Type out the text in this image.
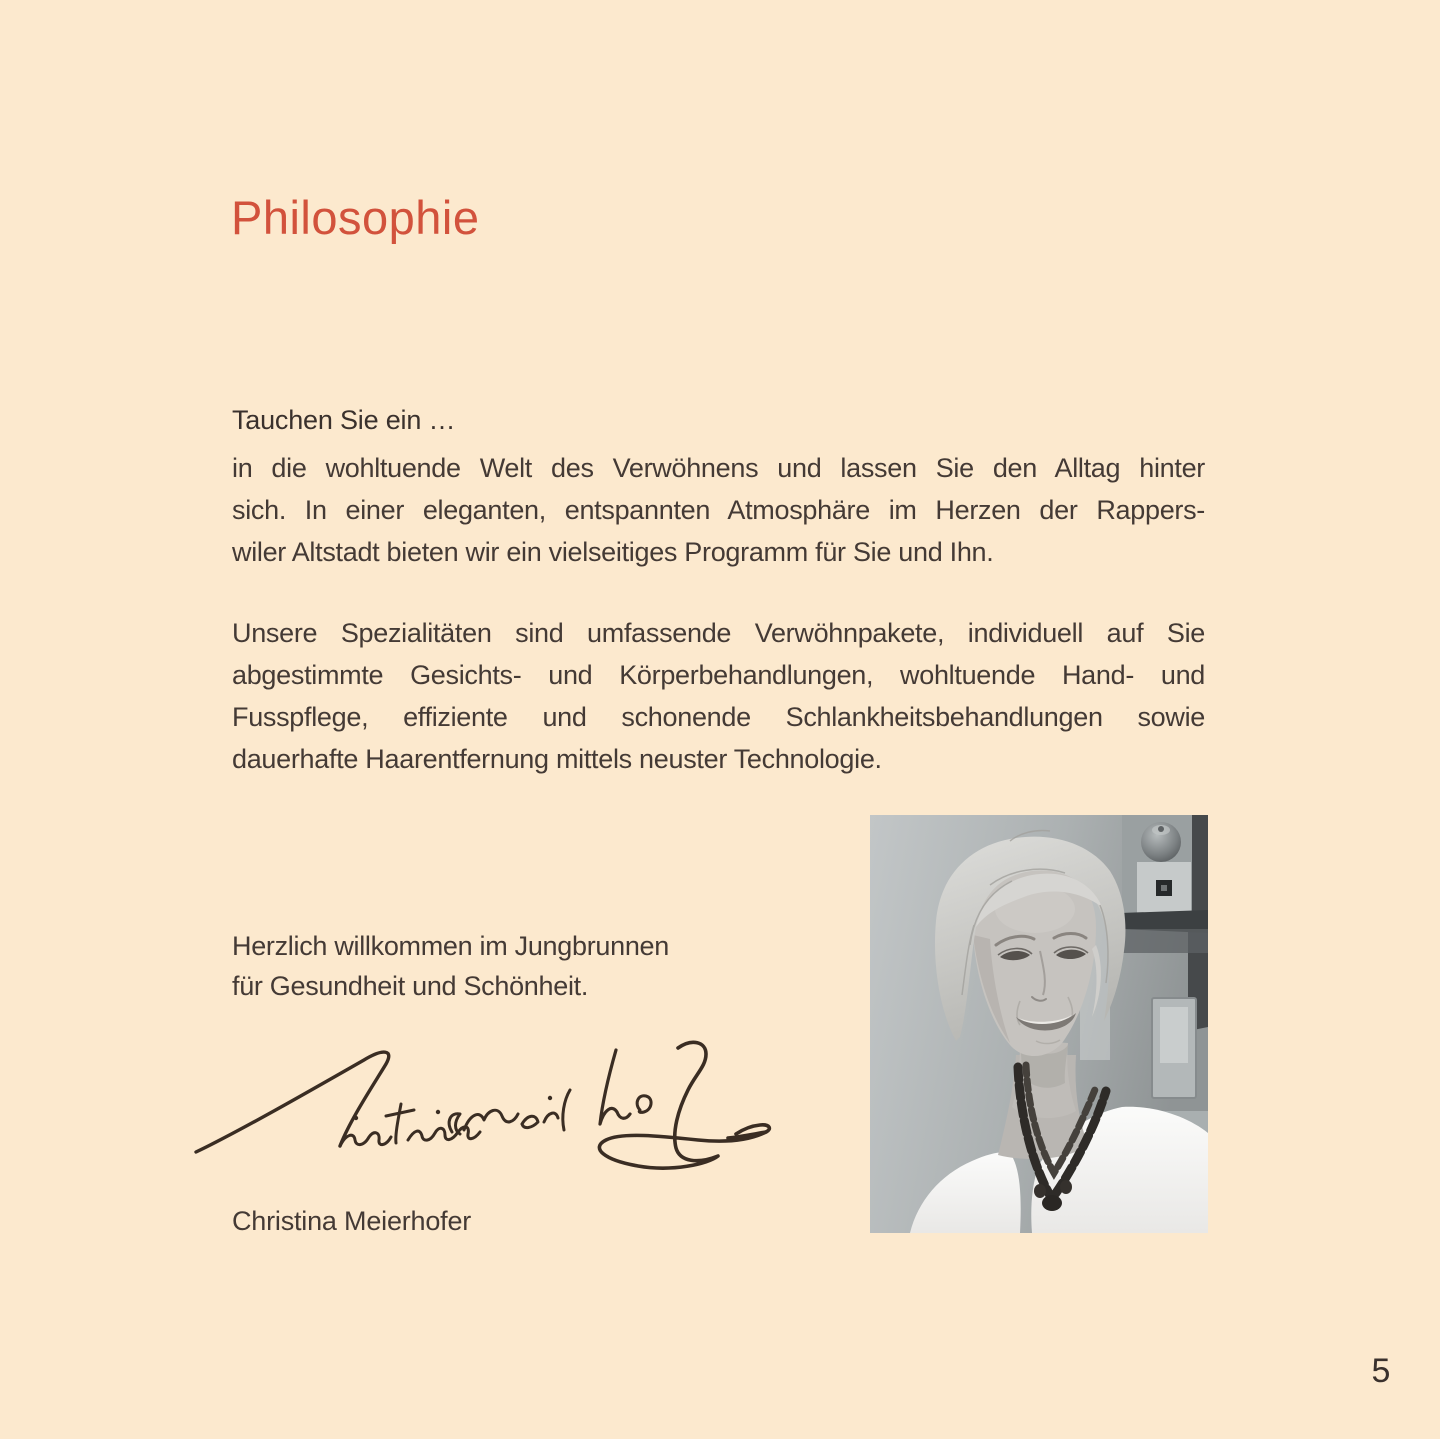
Philosophie
Tauchen Sie ein …
in die wohltuende Welt des Verwöhnens und lassen Sie den Alltag hinter
sich. In einer eleganten, entspannten Atmosphäre im Herzen der Rappers-
wiler Altstadt bieten wir ein vielseitiges Programm für Sie und Ihn.
Unsere Spezialitäten sind umfassende Verwöhnpakete, individuell auf Sie
abgestimmte Gesichts- und Körperbehandlungen, wohltuende Hand- und
Fusspflege, effiziente und schonende Schlankheitsbehandlungen sowie
dauerhafte Haarentfernung mittels neuster Technologie.
Herzlich willkommen im Jungbrunnen
für Gesundheit und Schönheit.
Christina Meierhofer
5
